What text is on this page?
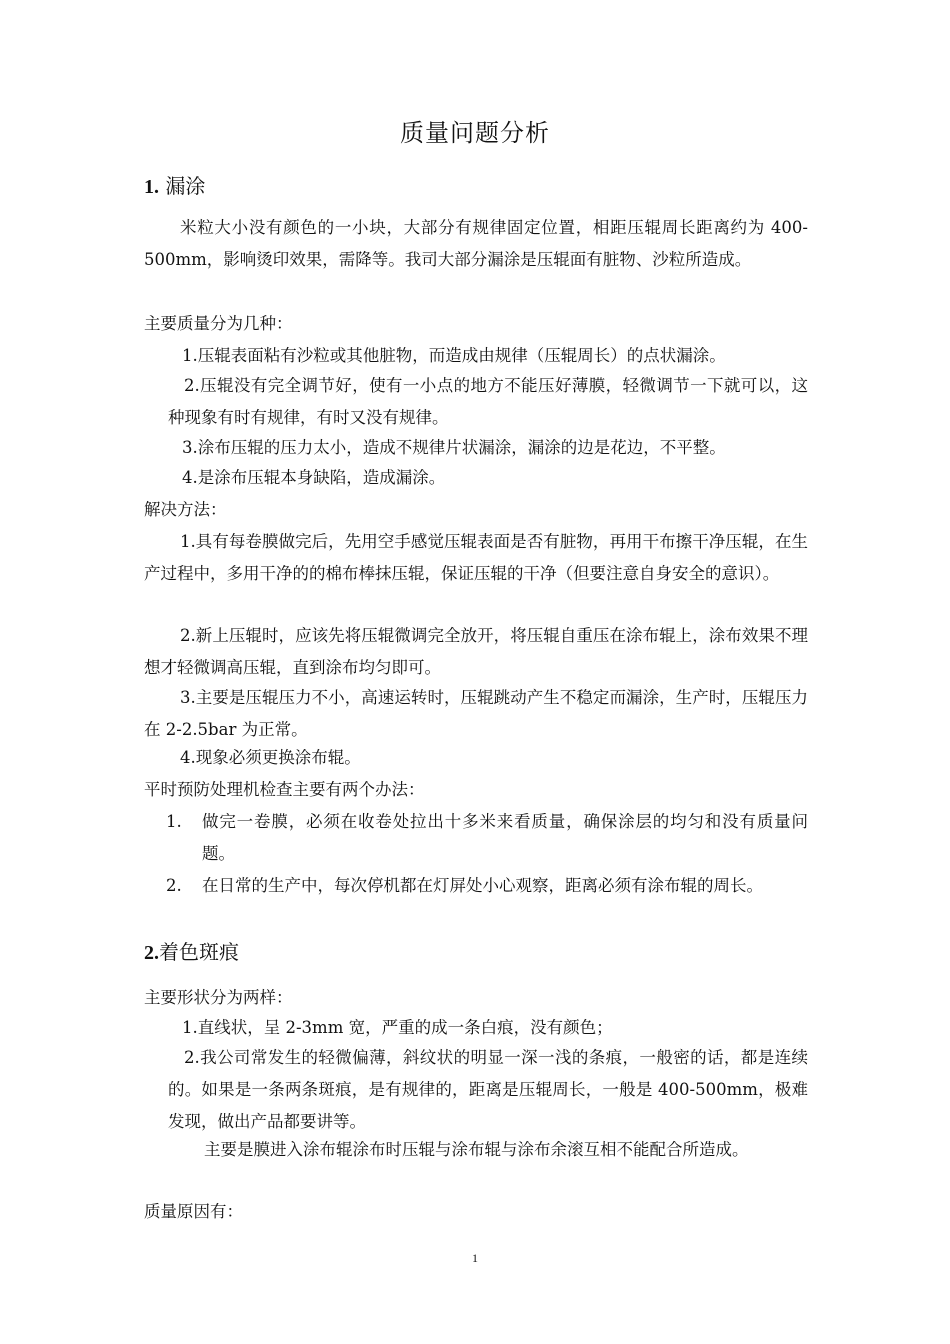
质量问题分析
1. 漏涂
米粒大小没有颜色的一小块，大部分有规律固定位置，相距压辊周长距离约为 400-500mm，影响烫印效果，需降等。我司大部分漏涂是压辊面有脏物、沙粒所造成。
主要质量分为几种：
1.压辊表面粘有沙粒或其他脏物，而造成由规律（压辊周长）的点状漏涂。
2.压辊没有完全调节好，使有一小点的地方不能压好薄膜，轻微调节一下就可以，这种现象有时有规律，有时又没有规律。
3.涂布压辊的压力太小，造成不规律片状漏涂，漏涂的边是花边，不平整。
4.是涂布压辊本身缺陷，造成漏涂。
解决方法：
1.具有每卷膜做完后，先用空手感觉压辊表面是否有脏物，再用干布擦干净压辊，在生产过程中，多用干净的的棉布棒抹压辊，保证压辊的干净（但要注意自身安全的意识）。
2.新上压辊时，应该先将压辊微调完全放开，将压辊自重压在涂布辊上，涂布效果不理想才轻微调高压辊，直到涂布均匀即可。
3.主要是压辊压力不小，高速运转时，压辊跳动产生不稳定而漏涂，生产时，压辊压力在 2-2.5bar 为正常。
4.现象必须更换涂布辊。
平时预防处理机检查主要有两个办法：
1.	做完一卷膜，必须在收卷处拉出十多米来看质量，确保涂层的均匀和没有质量问题。
2.	在日常的生产中，每次停机都在灯屏处小心观察，距离必须有涂布辊的周长。
2.着色斑痕
主要形状分为两样：
1.直线状，呈 2-3mm 宽，严重的成一条白痕，没有颜色；
2.我公司常发生的轻微偏薄，斜纹状的明显一深一浅的条痕，一般密的话，都是连续的。如果是一条两条斑痕，是有规律的，距离是压辊周长，一般是 400-500mm，极难发现，做出产品都要讲等。
主要是膜进入涂布辊涂布时压辊与涂布辊与涂布余滚互相不能配合所造成。
质量原因有：
1
